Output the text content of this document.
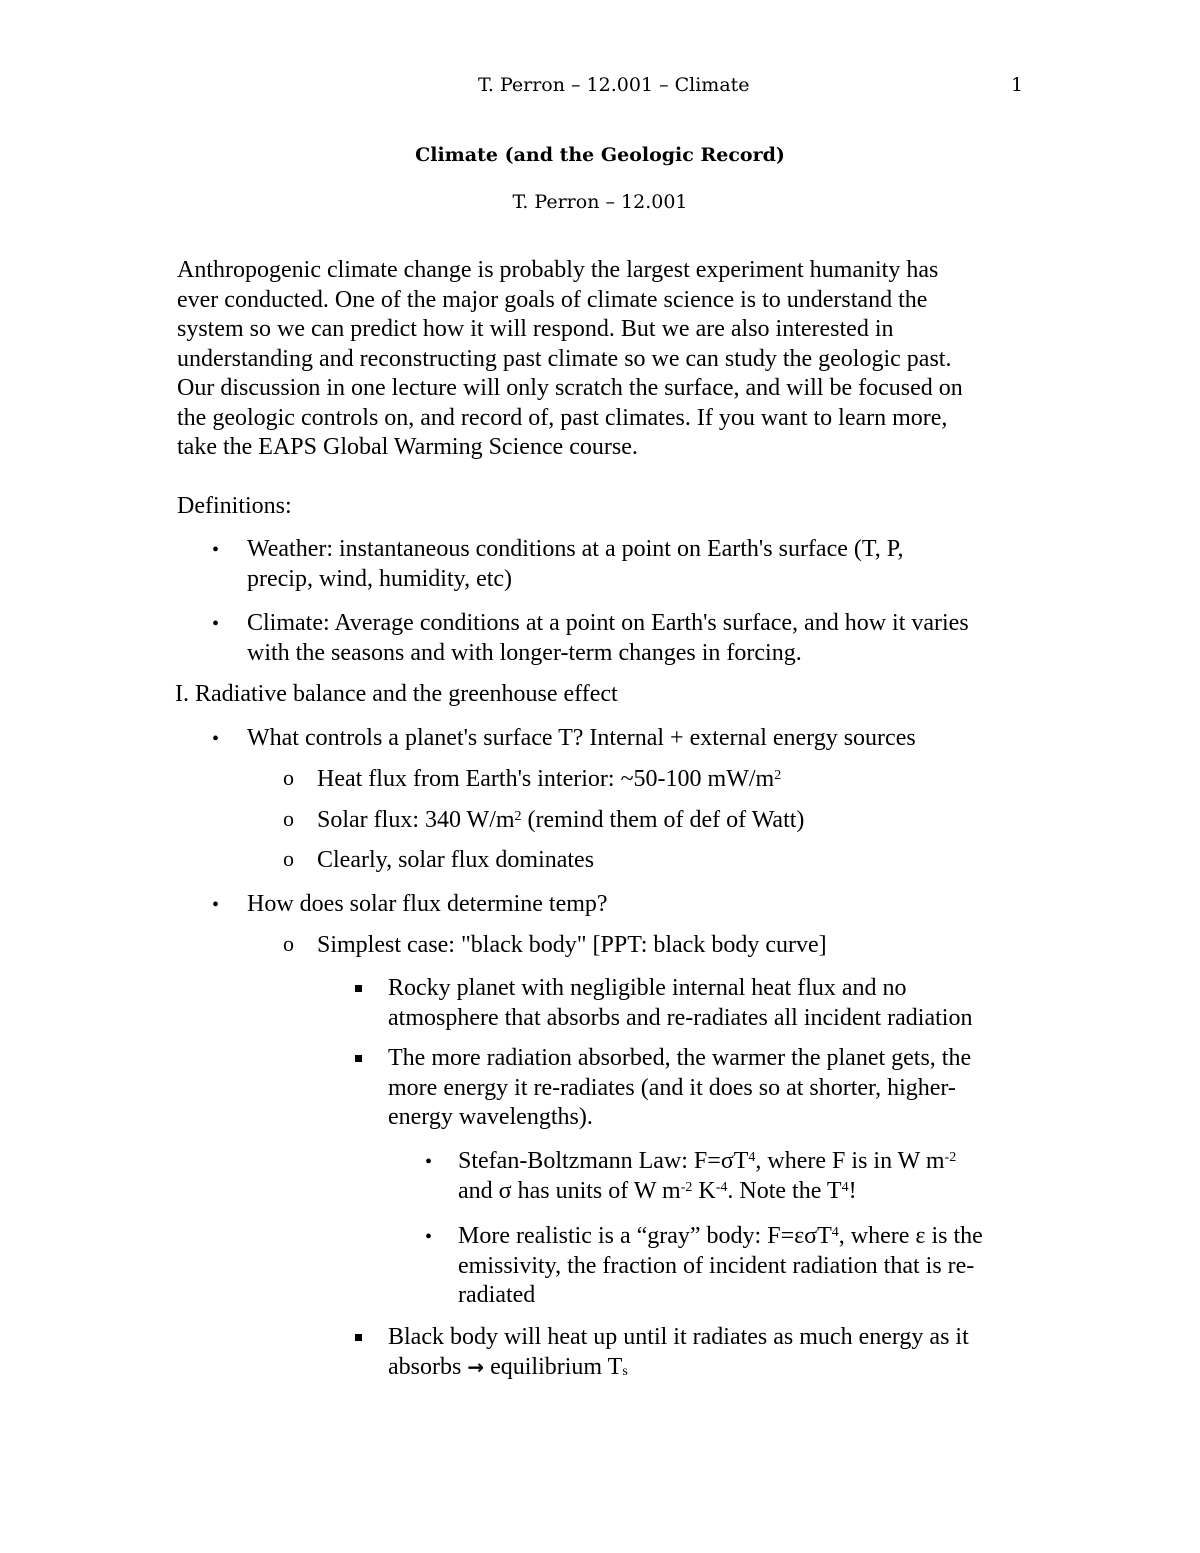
T. Perron – 12.001 – Climate	1
Climate (and the Geologic Record)
T. Perron – 12.001
Anthropogenic climate change is probably the largest experiment humanity has
ever conducted. One of the major goals of climate science is to understand the
system so we can predict how it will respond. But we are also interested in
understanding and reconstructing past climate so we can study the geologic past.
Our discussion in one lecture will only scratch the surface, and will be focused on
the geologic controls on, and record of, past climates. If you want to learn more,
take the EAPS Global Warming Science course.
Definitions:
• Weather: instantaneous conditions at a point on Earth's surface (T, P,
precip, wind, humidity, etc)
• Climate: Average conditions at a point on Earth's surface, and how it varies
with the seasons and with longer-term changes in forcing.
I. Radiative balance and the greenhouse effect
• What controls a planet's surface T? Internal + external energy sources
o Heat flux from Earth's interior: ~50-100 $mW/m^2$
o Solar flux: 340 $W/m^2$ (remind them of def of Watt)
o Clearly, solar flux dominates
• How does solar flux determine temp?
o Simplest case: "black body" [PPT: black body curve]
Rocky planet with negligible internal heat flux and no
atmosphere that absorbs and re-radiates all incident radiation
The more radiation absorbed, the warmer the planet gets, the
more energy it re-radiates (and it does so at shorter, higher-
energy wavelengths).
• Stefan-Boltzmann Law: $F=\sigma T^4$, where F is in W $m^{-2}$
and σ has units of W $m^{-2}$ $K^{-4}$. Note the $T^4$!
• More realistic is a “gray” body: F=εσT$^4$, where ε is the
emissivity, the fraction of incident radiation that is re-
radiated
Black body will heat up until it radiates as much energy as it
absorbs → equilibrium $T_s$
